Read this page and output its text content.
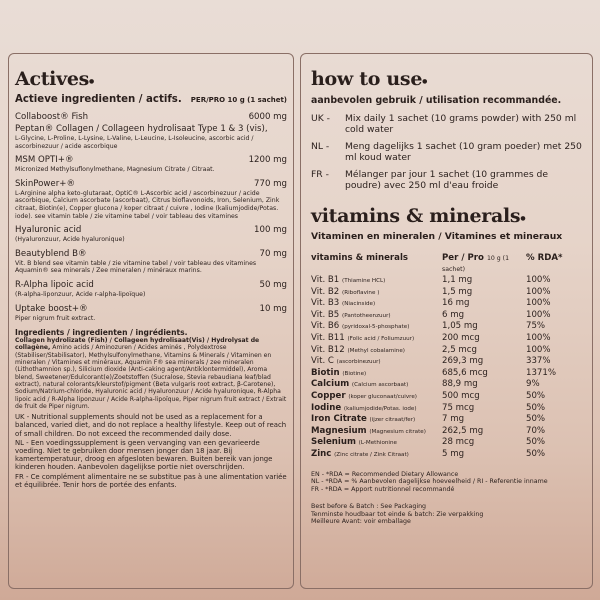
Actives●
Actieve ingredienten / actifs. PER/PRO 10 g (1 sachet)
Collaboost® Fish	6000 mg
Peptan® Collagen / Collageen hydrolisaat Type 1 & 3 (vis),
L-Glycine, L-Proline, L-Lysine, L-Valine, L-Leucine, L-Isoleucine, ascorbic acid / ascorbinezuur / acide ascorbique
MSM OPTI+®	1200 mg
Micronized Methylsuflonylmethane, Magnesium Citrate / Citraat.
SkinPower+®	770 mg
L-Arginine alpha keto-glutaraat, OptiC® L-Ascorbic acid / ascorbinezuur / acide ascorbique, Calcium ascorbate (ascorbaat), Citrus bioflavonoids, Iron, Selenium, Zink citraat, Biotin(e), Copper glucona / koper citraat / cuivre , Iodine (kaliumjodide/Potas. iode). see vitamin table / zie vitamine tabel / voir tableau des vitamines
Hyaluronic acid	100 mg
(Hyaluronzuur, Acide hyaluronique)
Beautyblend B®	70 mg
Vit. B blend see vitamin table / zie vitamine tabel / voir tableau des vitamines Aquamin® sea minerals / Zee mineralen / minéraux marins.
R-Alpha lipoic acid	50 mg
(R-alpha-liponzuur, Acide r-alpha-lipoïque)
Uptake boost+®	10 mg
Piper nigrum fruit extract.
Ingredients / ingredienten / ingrédients.
Collagen hydrolizate (Fish) / Collageen hydrolisaat(Vis) / Hydrolysat de collagène, Amino acids / Aminozuren / Acides aminés , Polydextrose (Stabiliser/Stabilisator), Methylsulfonylmethane, Vitamins & Minerals / Vitaminen en mineralen / Vitamines et minéraux, Aquamin F® sea minerals / zee mineralen (Lithothamnion sp.), Silicium dioxide (Anti-caking agent/Antiklontermiddel), Aroma blend, Sweetener/Edulcorant(e)/Zoetstoffen (Sucralose, Stevia rebaudiana leaf/blad extract), natural colorants/kleurstof/pigment (Beta vulgaris root extract, β-Carotene), Sodium/Natrium-chloride, Hyaluronic acid / Hyaluronzuur / Acide hyaluronique, R-Alpha lipoic acid / R-Alpha liponzuur / Acide R-alpha-lipoïque, Piper nigrum fruit extract / Extrait de fruit de Piper nigrum.
UK - Nutritional supplements should not be used as a replacement for a balanced, varied diet, and do not replace a healthy lifestyle. Keep out of reach of small children. Do not exceed the recommended daily dose.
NL - Een voedingssupplement is geen vervanging van een gevarieerde voeding. Niet te gebruiken door mensen jonger dan 18 jaar. Bij kamertemperatuur, droog en afgesloten bewaren. Buiten bereik van jonge kinderen houden. Aanbevolen dagelijkse portie niet overschrijden.
FR - Ce complément alimentaire ne se substitue pas à une alimentation variée et équilibrée. Tenir hors de portée des enfants.
how to use●
aanbevolen gebruik / utilisation recommandée.
UK -	Mix daily 1 sachet (10 grams powder) with 250 ml cold water
NL -	Meng dagelijks 1 sachet (10 gram poeder) met 250 ml koud water
FR -	Mélanger par jour 1 sachet (10 grammes de poudre) avec 250 ml d'eau froide
vitamins & minerals●
Vitaminen en mineralen / Vitamines et mineraux
vitamins & minerals	Per / Pro 10 g (1 sachet)
% RDA*
Vit. B1 (Thiamine HCL)	1,1 mg	100%
Vit. B2 (Riboflavine )	1,5 mg	100%
Vit. B3 (Niacinside)	16 mg	100%
Vit. B5 (Pantotheenzuur)	6 mg	100%
Vit. B6 (pyridoxal-5-phosphate)	1,05 mg	75%
Vit. B11 (Folic acid / Foliumzuur)	200 mcg	100%
Vit. B12 (Methyl cobalamine)	2,5 mcg	100%
Vit. C (ascorbinezuur)	269,3 mg	337%
Biotin (Biotine)	685,6 mcg	1371%
Calcium (Calcium ascorbaat)	88,9 mg	9%
Copper (koper gluconaat/cuivre)	500 mcg	50%
Iodine (kaliumjodide/Potas. iode)	75 mcg	50%
Iron Citrate (ijzer citraat/fer)	7 mg	50%
Magnesium (Magnesium citrate)	262,5 mg	70%
Selenium (L-Methionine	28 mcg	50%
Zinc (Zinc citrate / Zink Citraat)	5 mg	50%
EN - *RDA = Recommended Dietary Allowance
NL - *RDA = % Aanbevolen dagelijkse hoeveelheid / RI - Referentie inname
FR - *RDA = Apport nutritionnel recommandé
Best before & Batch : See Packaging
Tenminste houdbaar tot einde & batch: Zie verpakking
Meilleure Avant: voir emballage
